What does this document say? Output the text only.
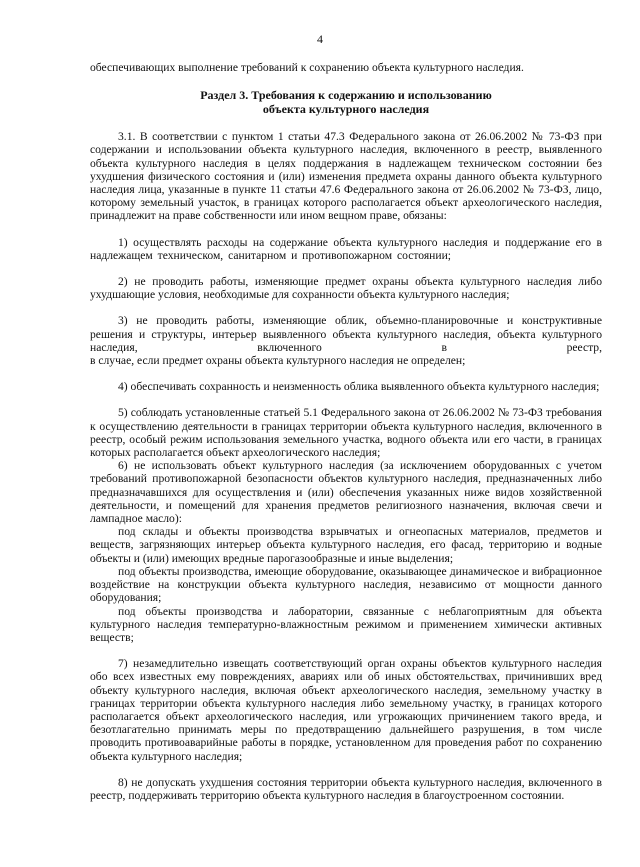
4

обеспечивающих выполнение требований к сохранению объекта культурного наследия.

Раздел 3. Требования к содержанию и использованию
объекта культурного наследия

3.1. В соответствии с пунктом 1 статьи 47.3 Федерального закона от 26.06.2002 № 73-ФЗ при содержании и использовании объекта культурного наследия, включенного в реестр, выявленного объекта культурного наследия в целях поддержания в надлежащем техническом состоянии без ухудшения физического состояния и (или) изменения предмета охраны данного объекта культурного наследия лица, указанные в пункте 11 статьи 47.6 Федерального закона от 26.06.2002 № 73-ФЗ, лицо, которому земельный участок, в границах которого располагается объект археологического наследия, принадлежит на праве собственности или ином вещном праве, обязаны:

1) осуществлять расходы на содержание объекта культурного наследия и поддержание его в надлежащем техническом, санитарном и противопожарном состоянии;

2) не проводить работы, изменяющие предмет охраны объекта культурного наследия либо ухудшающие условия, необходимые для сохранности объекта культурного наследия;

3) не проводить работы, изменяющие облик, объемно-планировочные и конструктивные решения и структуры, интерьер выявленного объекта культурного наследия, объекта культурного наследия, включенного в реестр,

в случае, если предмет охраны объекта культурного наследия не определен;

4) обеспечивать сохранность и неизменность облика выявленного объекта культурного наследия;

5) соблюдать установленные статьей 5.1 Федерального закона от 26.06.2002 № 73-ФЗ требования к осуществлению деятельности в границах территории объекта культурного наследия, включенного в реестр, особый режим использования земельного участка, водного объекта или его части, в границах которых располагается объект археологического наследия;

6) не использовать объект культурного наследия (за исключением оборудованных с учетом требований противопожарной безопасности объектов культурного наследия, предназначенных либо предназначавшихся для осуществления и (или) обеспечения указанных ниже видов хозяйственной деятельности, и помещений для хранения предметов религиозного назначения, включая свечи и лампадное масло):

под склады и объекты производства взрывчатых и огнеопасных материалов, предметов и веществ, загрязняющих интерьер объекта культурного наследия, его фасад, территорию и водные объекты и (или) имеющих вредные парогазообразные и иные выделения;

под объекты производства, имеющие оборудование, оказывающее динамическое и вибрационное воздействие на конструкции объекта культурного наследия, независимо от мощности данного оборудования;

под объекты производства и лаборатории, связанные с неблагоприятным для объекта культурного наследия температурно-влажностным режимом и применением химически активных веществ;

7) незамедлительно извещать соответствующий орган охраны объектов культурного наследия обо всех известных ему повреждениях, авариях или об иных обстоятельствах, причинивших вред объекту культурного наследия, включая объект археологического наследия, земельному участку в границах территории объекта культурного наследия либо земельному участку, в границах которого располагается объект археологического наследия, или угрожающих причинением такого вреда, и безотлагательно принимать меры по предотвращению дальнейшего разрушения, в том числе проводить противоаварийные работы в порядке, установленном для проведения работ по сохранению объекта культурного наследия;

8) не допускать ухудшения состояния территории объекта культурного наследия, включенного в реестр, поддерживать территорию объекта культурного наследия в благоустроенном состоянии.
